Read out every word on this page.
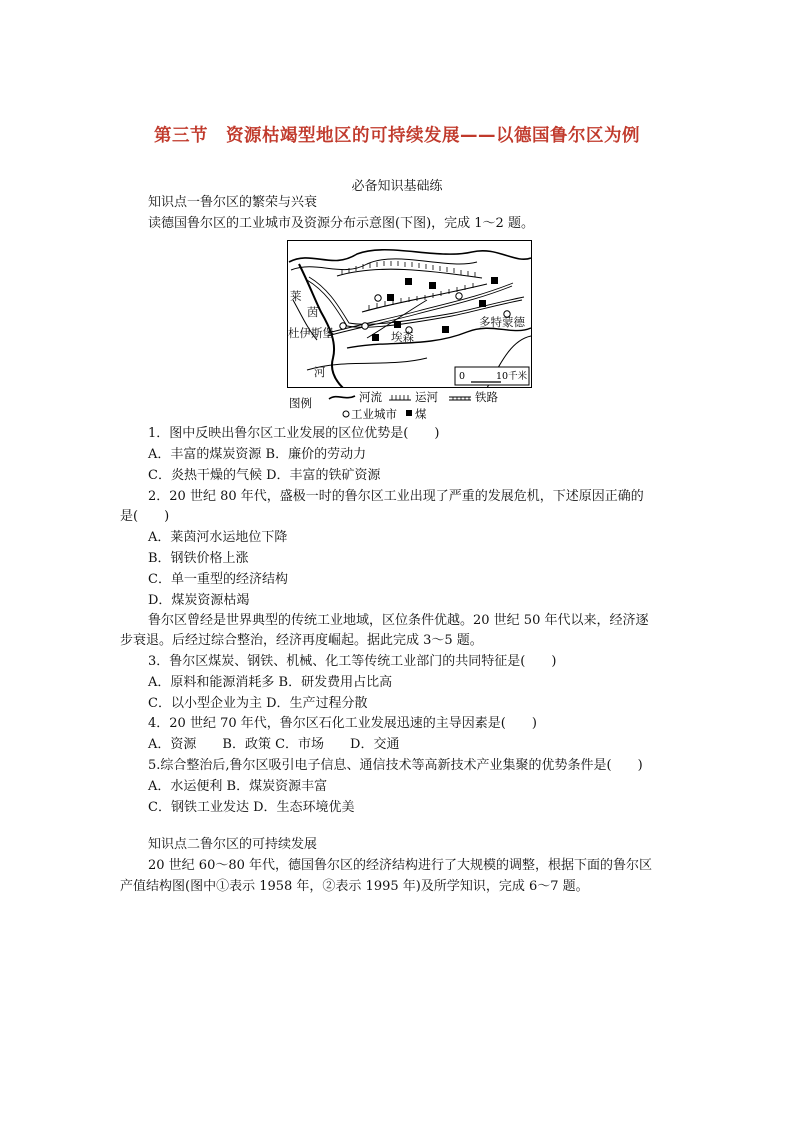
第三节　资源枯竭型地区的可持续发展——以德国鲁尔区为例
必备知识基础练
知识点一鲁尔区的繁荣与兴衰
读德国鲁尔区的工业城市及资源分布示意图(下图)，完成 1～2 题。
莱
茵
河
杜伊斯堡	埃森
多特蒙德
0	10千米
图例	河流	运河	铁路
工业城市 煤
1．图中反映出鲁尔区工业发展的区位优势是(　　)
A．丰富的煤炭资源 B．廉价的劳动力
C．炎热干燥的气候 D．丰富的铁矿资源
2．20 世纪 80 年代，盛极一时的鲁尔区工业出现了严重的发展危机，下述原因正确的
是(　　)
A．莱茵河水运地位下降
B．钢铁价格上涨
C．单一重型的经济结构
D．煤炭资源枯竭
鲁尔区曾经是世界典型的传统工业地域，区位条件优越。20 世纪 50 年代以来，经济逐
步衰退。后经过综合整治，经济再度崛起。据此完成 3～5 题。
3．鲁尔区煤炭、钢铁、机械、化工等传统工业部门的共同特征是(　　)
A．原料和能源消耗多 B．研发费用占比高
C．以小型企业为主 D．生产过程分散
4．20 世纪 70 年代，鲁尔区石化工业发展迅速的主导因素是(　　)
A．资源　　B．政策 C．市场　　D．交通
5.综合整治后,鲁尔区吸引电子信息、通信技术等高新技术产业集聚的优势条件是(　　)
A．水运便利 B．煤炭资源丰富
C．钢铁工业发达 D．生态环境优美
知识点二鲁尔区的可持续发展
20 世纪 60～80 年代，德国鲁尔区的经济结构进行了大规模的调整，根据下面的鲁尔区
产值结构图(图中①表示 1958 年，②表示 1995 年)及所学知识，完成 6～7 题。
